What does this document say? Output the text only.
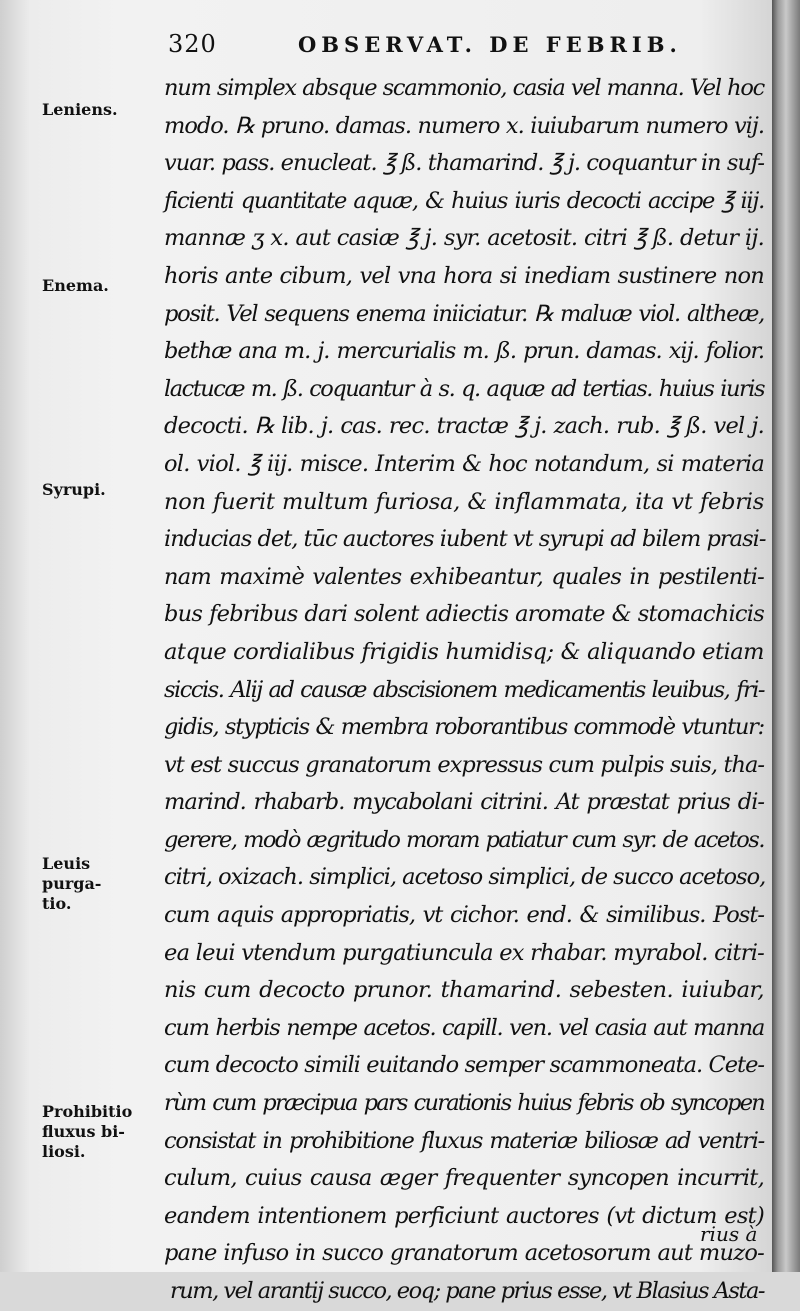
320	OBSERVAT. DE FEBRIB.
Leniens.
Enema.
Syrupi.
Leuis purga-
tio.
Prohibitio
fluxus bi-
liosi.
num simplex absque scammonio, casia vel manna. Vel hoc
modo. ℞ pruno. damas. numero x. iuiubarum numero vij.
vuar. pass. enucleat. ℥ ß. thamarind. ℥ j. coquantur in suf-
ficienti quantitate aquæ, & huius iuris decocti accipe ℥ iij.
mannæ ʒ x. aut casiæ ℥ j. syr. acetosit. citri ℥ ß. detur ij.
horis ante cibum, vel vna hora si inediam sustinere non
posit. Vel sequens enema iniiciatur. ℞ maluæ viol. altheæ,
bethæ ana m. j. mercurialis m. ß. prun. damas. xij. folior.
lactucæ m. ß. coquantur à s. q. aquæ ad tertias. huius iuris
decocti. ℞ lib. j. cas. rec. tractæ ℥ j. zach. rub. ℥ ß. vel j.
ol. viol. ℥ iij. misce. Interim & hoc notandum, si materia
non fuerit multum furiosa, & inflammata, ita vt febris
inducias det, tūc auctores iubent vt syrupi ad bilem prasi-
nam maximè valentes exhibeantur, quales in pestilenti-
bus febribus dari solent adiectis aromate & stomachicis
atque cordialibus frigidis humidisq; & aliquando etiam
siccis. Alij ad causæ abscisionem medicamentis leuibus, fri-
gidis, stypticis & membra roborantibus commodè vtuntur:
vt est succus granatorum expressus cum pulpis suis, tha-
marind. rhabarb. mycabolani citrini. At præstat prius di-
gerere, modò ægritudo moram patiatur cum syr. de acetos.
citri, oxizach. simplici, acetoso simplici, de succo acetoso,
cum aquis appropriatis, vt cichor. end. & similibus. Post-
ea leui vtendum purgatiuncula ex rhabar. myrabol. citri-
nis cum decocto prunor. thamarind. sebesten. iuiubar,
cum herbis nempe acetos. capill. ven. vel casia aut manna
cum decocto simili euitando semper scammoneata. Cete-
rùm cum præcipua pars curationis huius febris ob syncopen
consistat in prohibitione fluxus materiæ biliosæ ad ventri-
culum, cuius causa æger frequenter syncopen incurrit,
eandem intentionem perficiunt auctores (vt dictum est)
pane infuso in succo granatorum acetosorum aut muzo-
rum, vel arantij succo, eoq; pane prius esse, vt Blasius Asta-
rius à
